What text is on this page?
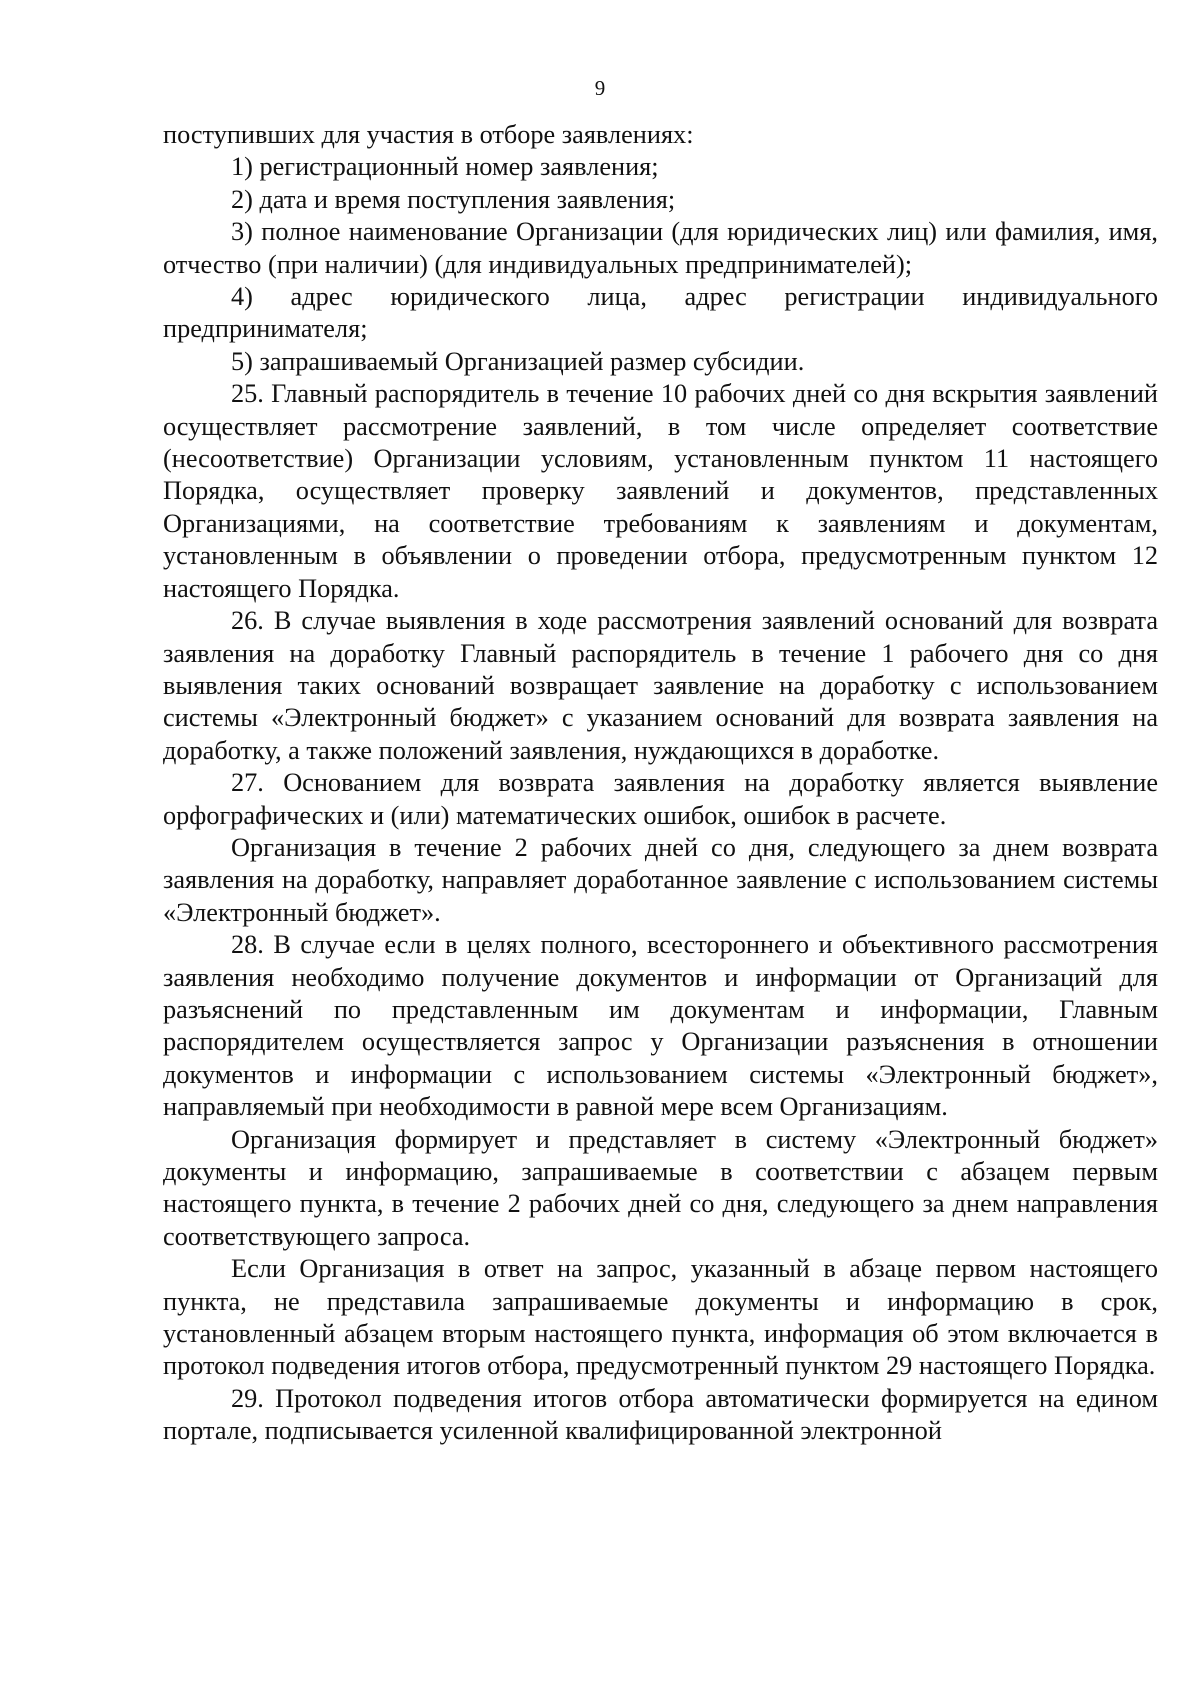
9

поступивших для участия в отборе заявлениях:

1) регистрационный номер заявления;

2) дата и время поступления заявления;

3) полное наименование Организации (для юридических лиц) или фамилия, имя, отчество (при наличии) (для индивидуальных предпринимателей);

4) адрес юридического лица, адрес регистрации индивидуального предпринимателя;

5) запрашиваемый Организацией размер субсидии.

25. Главный распорядитель в течение 10 рабочих дней со дня вскрытия заявлений осуществляет рассмотрение заявлений, в том числе определяет соответствие (несоответствие) Организации условиям, установленным пунктом 11 настоящего Порядка, осуществляет проверку заявлений и документов, представленных Организациями, на соответствие требованиям к заявлениям и документам, установленным в объявлении о проведении отбора, предусмотренным пунктом 12 настоящего Порядка.

26. В случае выявления в ходе рассмотрения заявлений оснований для возврата заявления на доработку Главный распорядитель в течение 1 рабочего дня со дня выявления таких оснований возвращает заявление на доработку с использованием системы «Электронный бюджет» с указанием оснований для возврата заявления на доработку, а также положений заявления, нуждающихся в доработке.

27. Основанием для возврата заявления на доработку является выявление орфографических и (или) математических ошибок, ошибок в расчете.

Организация в течение 2 рабочих дней со дня, следующего за днем возврата заявления на доработку, направляет доработанное заявление с использованием системы «Электронный бюджет».

28. В случае если в целях полного, всестороннего и объективного рассмотрения заявления необходимо получение документов и информации от Организаций для разъяснений по представленным им документам и информации, Главным распорядителем осуществляется запрос у Организации разъяснения в отношении документов и информации с использованием системы «Электронный бюджет», направляемый при необходимости в равной мере всем Организациям.

Организация формирует и представляет в систему «Электронный бюджет» документы и информацию, запрашиваемые в соответствии с абзацем первым настоящего пункта, в течение 2 рабочих дней со дня, следующего за днем направления соответствующего запроса.

Если Организация в ответ на запрос, указанный в абзаце первом настоящего пункта, не представила запрашиваемые документы и информацию в срок, установленный абзацем вторым настоящего пункта, информация об этом включается в протокол подведения итогов отбора, предусмотренный пунктом 29 настоящего Порядка.

29. Протокол подведения итогов отбора автоматически формируется на едином портале, подписывается усиленной квалифицированной электронной
